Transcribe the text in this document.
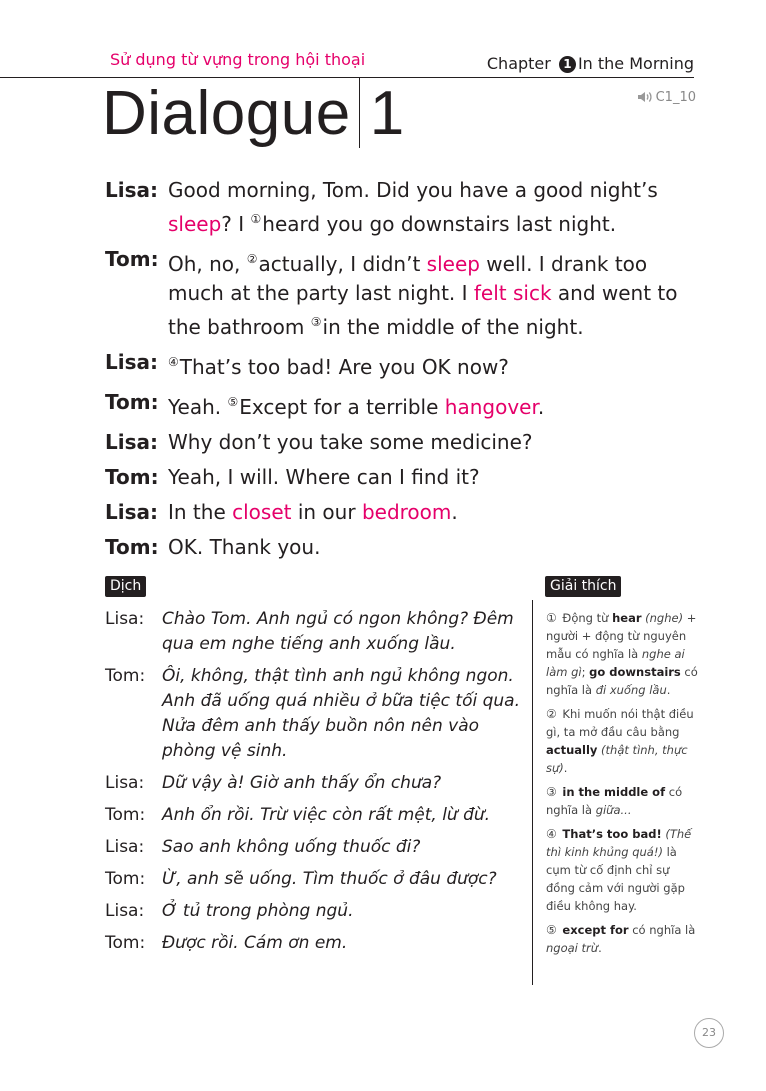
Sử dụng từ vựng trong hội thoại	Chapter 1 In the Morning
Dialogue 1	C1_10
Lisa: Good morning, Tom. Did you have a good night’s sleep? I ①heard you go downstairs last night.
Tom: Oh, no, ②actually, I didn’t sleep well. I drank too much at the party last night. I felt sick and went to the bathroom ③in the middle of the night.
Lisa: ④That’s too bad! Are you OK now?
Tom: Yeah. ⑤Except for a terrible hangover.
Lisa: Why don’t you take some medicine?
Tom: Yeah, I will. Where can I find it?
Lisa: In the closet in our bedroom.
Tom: OK. Thank you.
Dịch
Lisa:	Chào Tom. Anh ngủ có ngon không? Đêm qua em nghe tiếng anh xuống lầu.
Tom: Ôi, không, thật tình anh ngủ không ngon. Anh đã uống quá nhiều ở bữa tiệc tối qua. Nửa đêm anh thấy buồn nôn nên vào phòng vệ sinh.
Lisa:	Dữ vậy à! Giờ anh thấy ổn chưa?
Tom: Anh ổn rồi. Trừ việc còn rất mệt, lừ đừ.
Lisa:	Sao anh không uống thuốc đi?
Tom: Ừ, anh sẽ uống. Tìm thuốc ở đâu được?
Lisa:	Ở tủ trong phòng ngủ.
Tom: Được rồi. Cám ơn em.
Giải thích
① Động từ hear (nghe) + người + động từ nguyên mẫu có nghĩa là nghe ai làm gì; go downstairs có nghĩa là đi xuống lầu.
② Khi muốn nói thật điều gì, ta mở đầu câu bằng actually (thật tình, thực sự).
③ in the middle of có nghĩa là giữa...
④ That’s too bad! (Thế thì kinh khủng quá!) là cụm từ cố định chỉ sự đồng cảm với người gặp điều không hay.
⑤ except for có nghĩa là ngoại trừ.
23
